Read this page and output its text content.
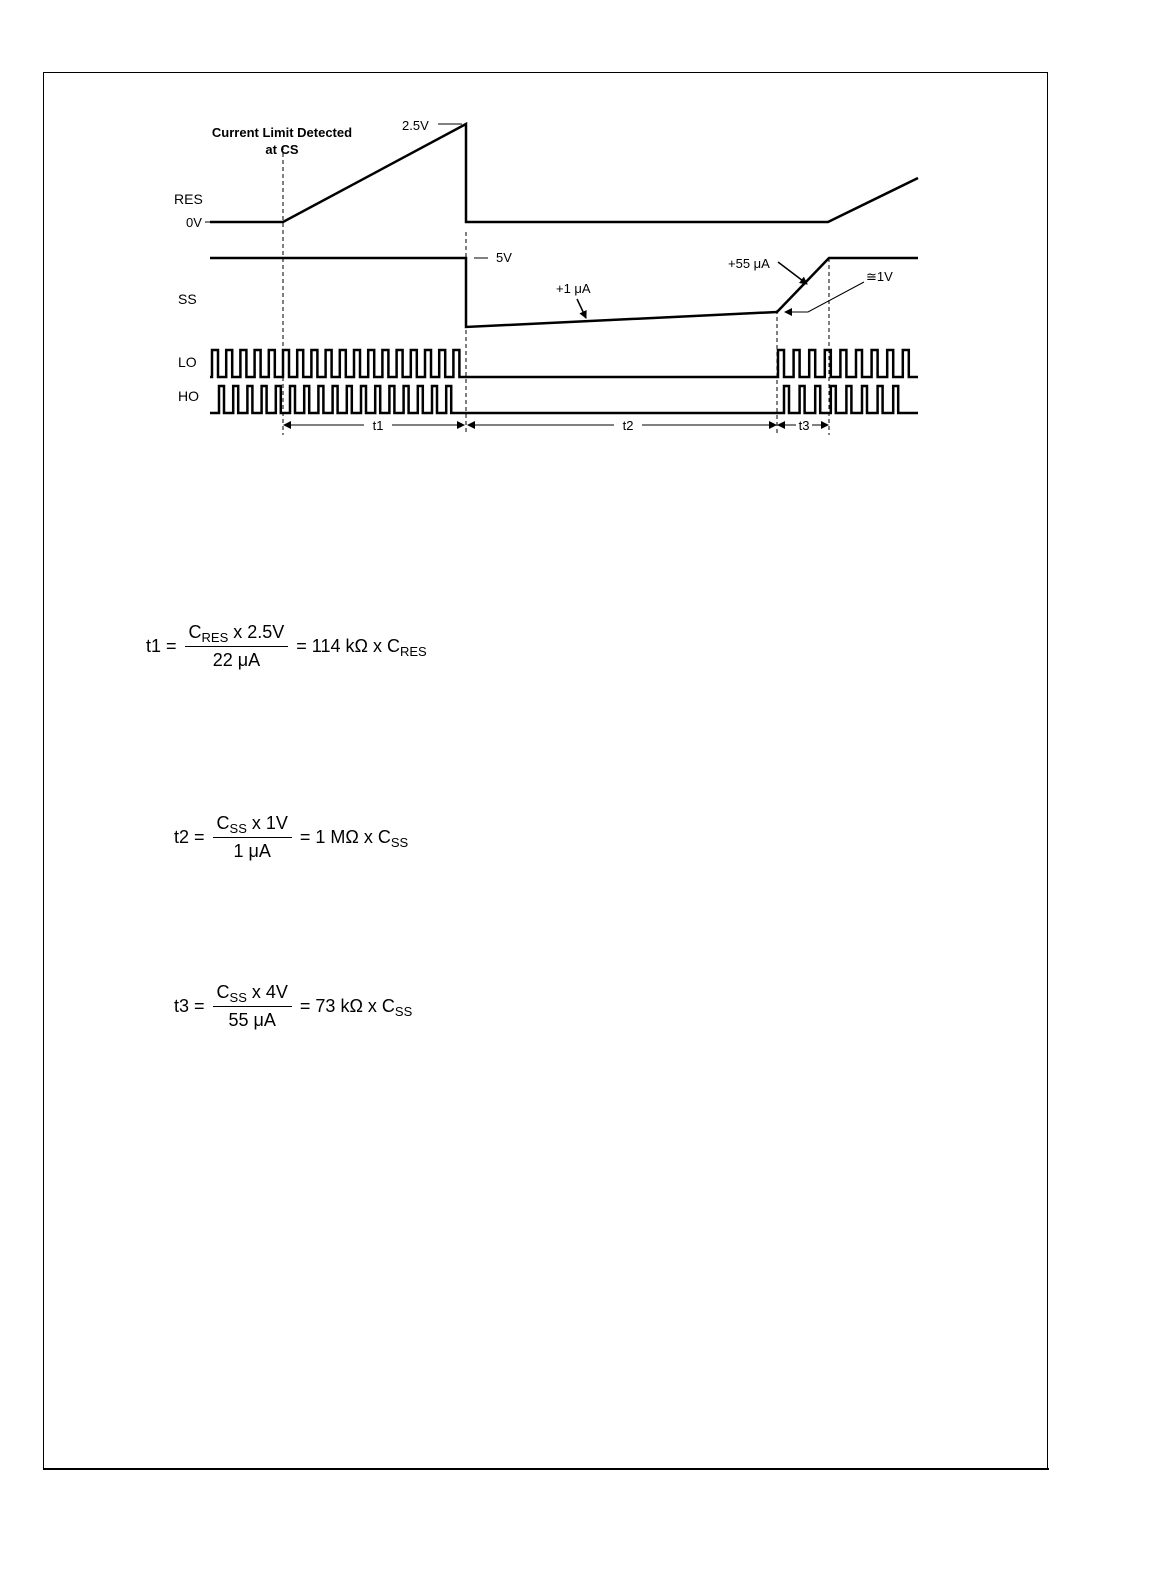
RES
SS
LO
HO
0V
2.5V
Current Limit Detected
at CS
5V
+1 μA
+55 μA
≅1V
t1	t2	t3
$t1 = \frac{C_{RES} x 2.5V}{22 \mu A} = 114$ kΩ x $C_{RES}$
$t2 = \frac{C_{SS} x 1V}{1 \mu A} = 1$ MΩ x $C_{SS}$
$t3 = \frac{C_{SS} x 4V}{55 \mu A} = 73$ kΩ x $C_{SS}$
